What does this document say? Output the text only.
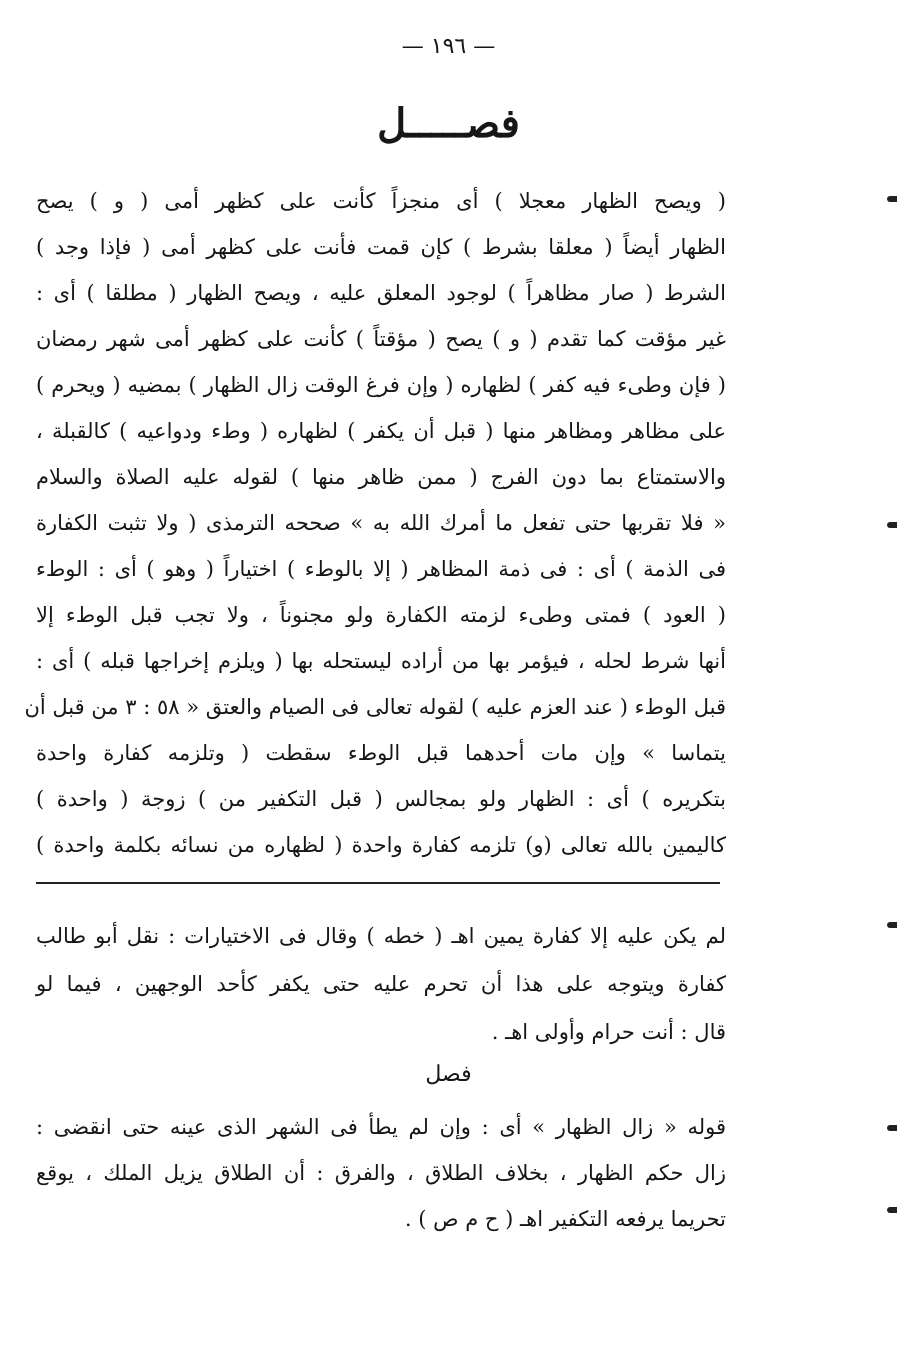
— ١٩٦ —
فصـــــل
( ويصح الظهار معجلا ) أى منجزاً كأنت على كظهر أمى ( و ) يصح
الظهار أيضاً ( معلقا بشرط ) كإن قمت فأنت على كظهر أمى ( فإذا وجد )
الشرط ( صار مظاهراً ) لوجود المعلق عليه ، ويصح الظهار ( مطلقا ) أى :
غير مؤقت كما تقدم ( و ) يصح ( مؤقتاً ) كأنت على كظهر أمى شهر رمضان
( فإن وطىء فيه كفر ) لظهاره ( وإن فرغ الوقت زال الظهار ) بمضيه ( ويحرم )
على مظاهر ومظاهر منها ( قبل أن يكفر ) لظهاره ( وطء ودواعيه ) كالقبلة ،
والاستمتاع بما دون الفرج ( ممن ظاهر منها ) لقوله عليه الصلاة والسلام
« فلا تقربها حتى تفعل ما أمرك الله به » صححه الترمذى ( ولا تثبت الكفارة
فى الذمة ) أى : فى ذمة المظاهر ( إلا بالوطء ) اختياراً ( وهو ) أى : الوطء
( العود ) فمتى وطىء لزمته الكفارة ولو مجنوناً ، ولا تجب قبل الوطء إلا
أنها شرط لحله ، فيؤمر بها من أراده ليستحله بها ( ويلزم إخراجها قبله ) أى :
قبل الوطء ( عند العزم عليه ) لقوله تعالى فى الصيام والعتق « ٥٨ : ٣ من قبل أن
يتماسا » وإن مات أحدهما قبل الوطء سقطت ( وتلزمه كفارة واحدة
بتكريره ) أى : الظهار ولو بمجالس ( قبل التكفير من ) زوجة ( واحدة )
كاليمين بالله تعالى (و) تلزمه كفارة واحدة ( لظهاره من نسائه بكلمة واحدة )
لم يكن عليه إلا كفارة يمين اهـ ( خطه ) وقال فى الاختيارات : نقل أبو طالب
كفارة ويتوجه على هذا أن تحرم عليه حتى يكفر كأحد الوجهين ، فيما لو
قال : أنت حرام وأولى اهـ .
فصل
قوله « زال الظهار » أى : وإن لم يطأ فى الشهر الذى عينه حتى انقضى :
زال حكم الظهار ، بخلاف الطلاق ، والفرق : أن الطلاق يزيل الملك ، يوقع
تحريما يرفعه التكفير اهـ ( ح م ص ) .
